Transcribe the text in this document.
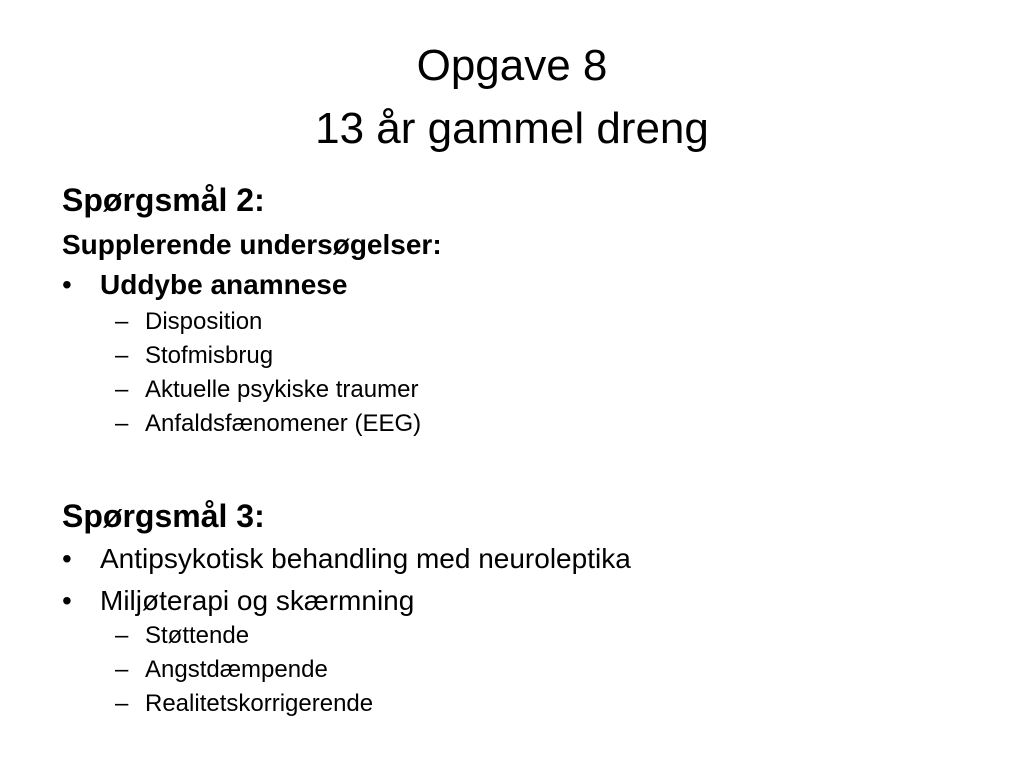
Opgave 8
13 år gammel dreng
Spørgsmål 2:
Supplerende undersøgelser:
• Uddybe anamnese
– Disposition
– Stofmisbrug
– Aktuelle psykiske traumer
– Anfaldsfænomener (EEG)
Spørgsmål 3:
• Antipsykotisk behandling med neuroleptika
• Miljøterapi og skærmning
– Støttende
– Angstdæmpende
– Realitetskorrigerende
